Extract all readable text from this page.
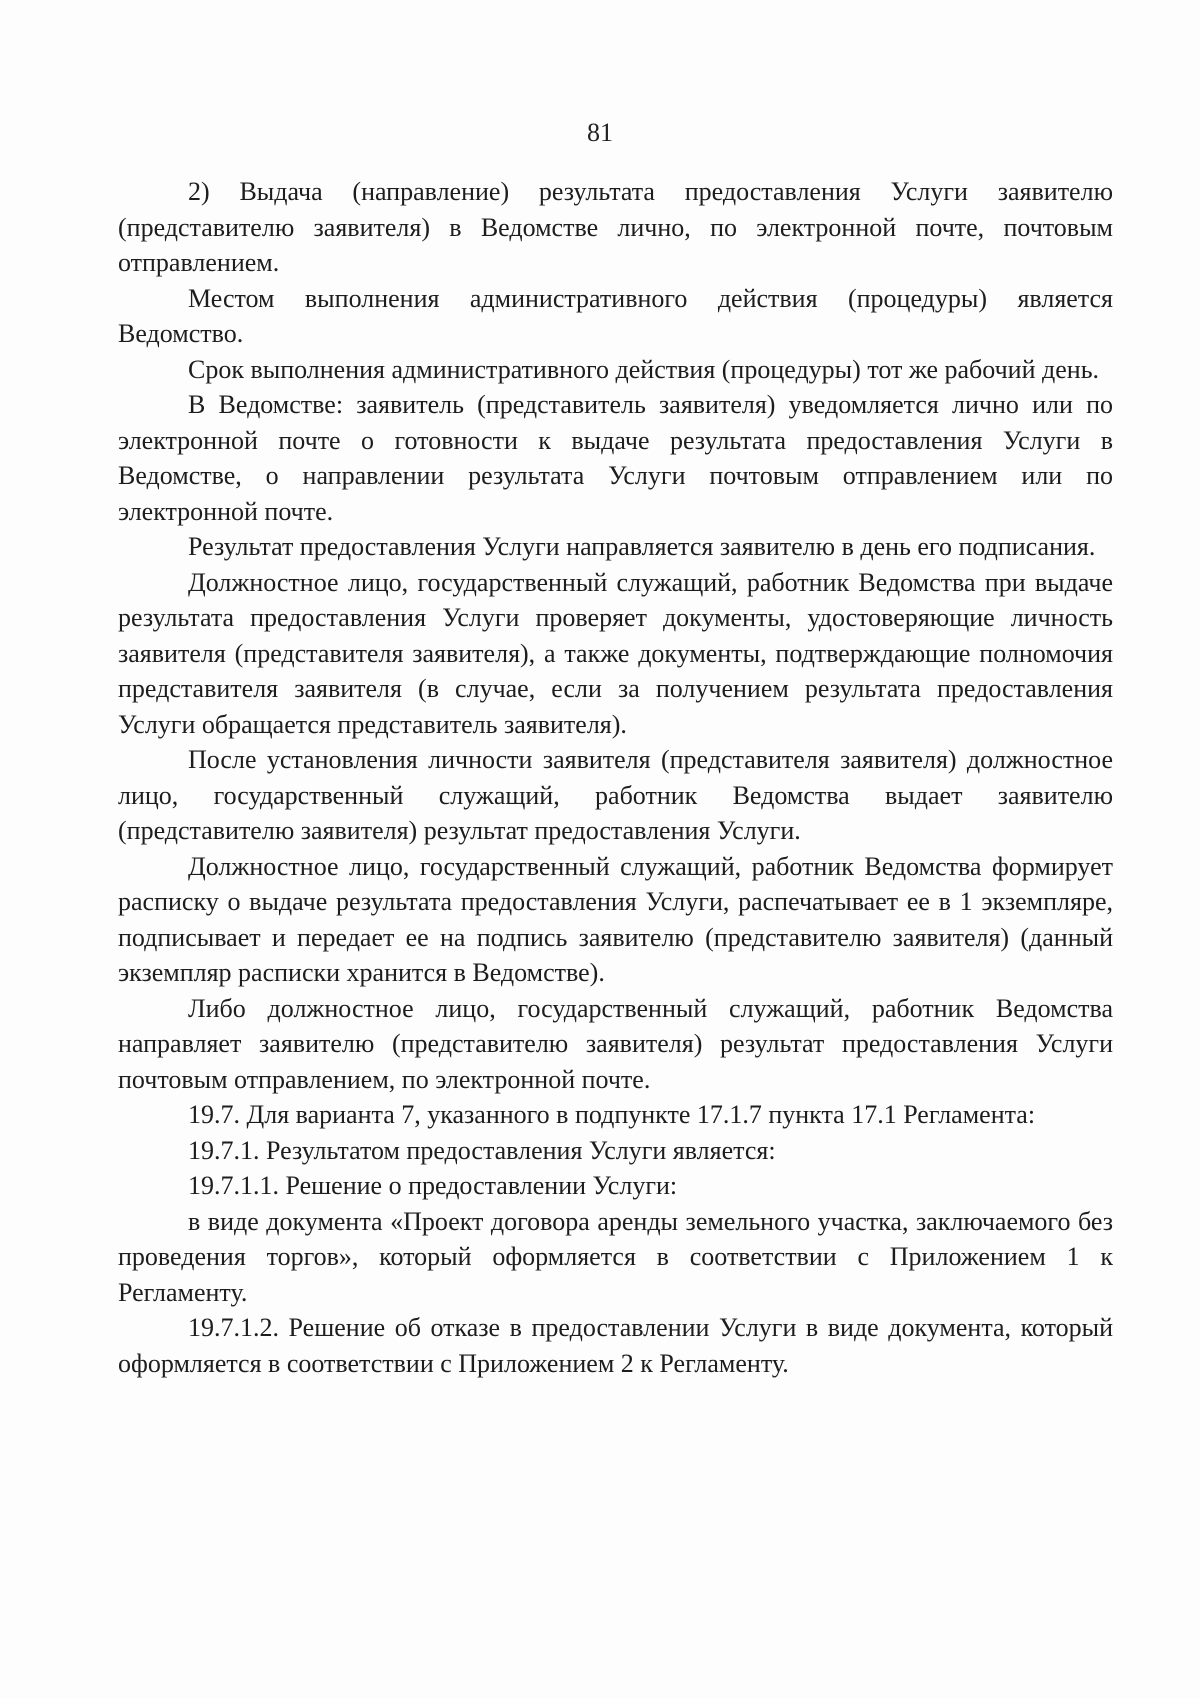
81

2) Выдача (направление) результата предоставления Услуги заявителю (представителю заявителя) в Ведомстве лично, по электронной почте, почтовым отправлением.

Местом выполнения административного действия (процедуры) является Ведомство.

Срок выполнения административного действия (процедуры) тот же рабочий день.

В Ведомстве: заявитель (представитель заявителя) уведомляется лично или по электронной почте о готовности к выдаче результата предоставления Услуги в Ведомстве, о направлении результата Услуги почтовым отправлением или по электронной почте.

Результат предоставления Услуги направляется заявителю в день его подписания.

Должностное лицо, государственный служащий, работник Ведомства при выдаче результата предоставления Услуги проверяет документы, удостоверяющие личность заявителя (представителя заявителя), а также документы, подтверждающие полномочия представителя заявителя (в случае, если за получением результата предоставления Услуги обращается представитель заявителя).

После установления личности заявителя (представителя заявителя) должностное лицо, государственный служащий, работник Ведомства выдает заявителю (представителю заявителя) результат предоставления Услуги.

Должностное лицо, государственный служащий, работник Ведомства формирует расписку о выдаче результата предоставления Услуги, распечатывает ее в 1 экземпляре, подписывает и передает ее на подпись заявителю (представителю заявителя) (данный экземпляр расписки хранится в Ведомстве).

Либо должностное лицо, государственный служащий, работник Ведомства направляет заявителю (представителю заявителя) результат предоставления Услуги почтовым отправлением, по электронной почте.

19.7. Для варианта 7, указанного в подпункте 17.1.7 пункта 17.1 Регламента:

19.7.1. Результатом предоставления Услуги является:

19.7.1.1. Решение о предоставлении Услуги:

в виде документа «Проект договора аренды земельного участка, заключаемого без проведения торгов», который оформляется в соответствии с Приложением 1 к Регламенту.

19.7.1.2. Решение об отказе в предоставлении Услуги в виде документа, который оформляется в соответствии с Приложением 2 к Регламенту.
